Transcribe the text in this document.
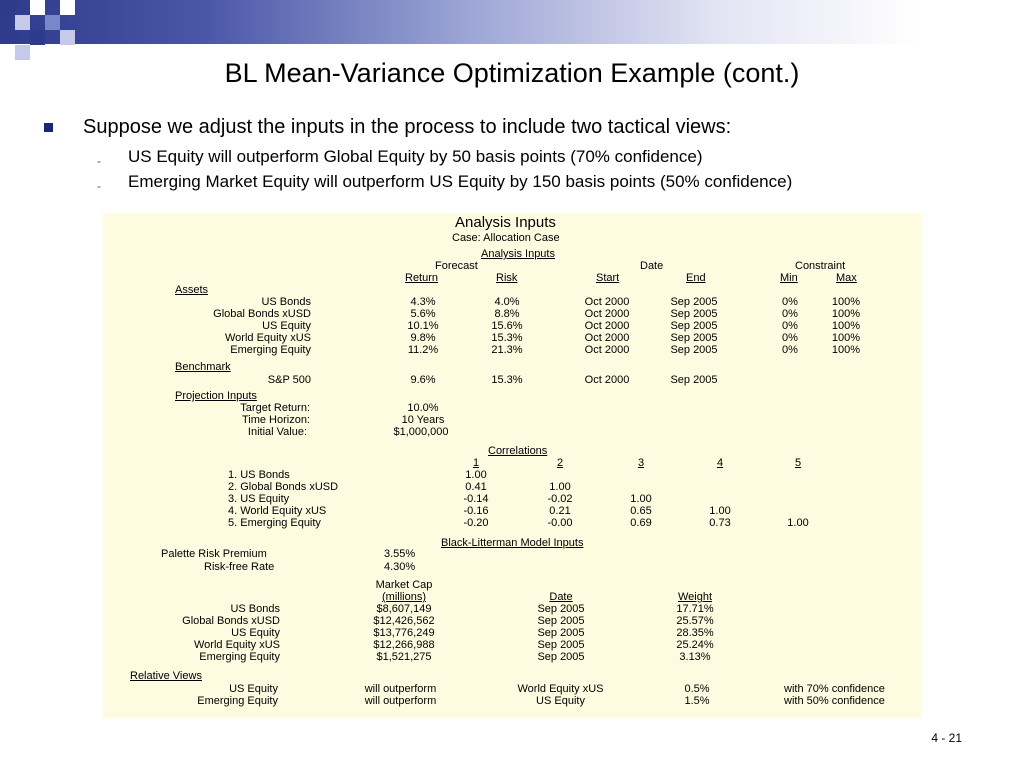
BL Mean-Variance Optimization Example (cont.)
Suppose we adjust the inputs in the process to include two tactical views:
- US Equity will outperform Global Equity by 50 basis points (70% confidence)
- Emerging Market Equity will outperform US Equity by 150 basis points (50% confidence)
Analysis Inputs
Case: Allocation Case
Analysis Inputs
Forecast	Date	Constraint
Return	Risk	Start	End	Min	Max
Assets
US Bonds	4.3%	4.0%	Oct 2000	Sep 2005	0%	100%
Global Bonds xUSD	5.6%	8.8%	Oct 2000	Sep 2005	0%	100%
US Equity	10.1%	15.6%	Oct 2000	Sep 2005	0%	100%
World Equity xUS	9.8%	15.3%	Oct 2000	Sep 2005	0%	100%
Emerging Equity	11.2%	21.3%	Oct 2000	Sep 2005	0%	100%
Benchmark
S&P 500	9.6%	15.3%	Oct 2000	Sep 2005
Projection Inputs
Target Return:	10.0%
Time Horizon:	10 Years
Initial Value:	$1,000,000
Correlations
1	2	3	4	5
1. US Bonds	1.00
2. Global Bonds xUSD	0.41	1.00
3. US Equity	-0.14	-0.02	1.00
4. World Equity xUS	-0.16	0.21	0.65	1.00
5. Emerging Equity	-0.20	-0.00	0.69	0.73	1.00
Black-Litterman Model Inputs
Palette Risk Premium	3.55%
Risk-free Rate	4.30%
Market Cap
(millions)	Date	Weight
US Bonds	$8,607,149	Sep 2005	17.71%
Global Bonds xUSD	$12,426,562	Sep 2005	25.57%
US Equity	$13,776,249	Sep 2005	28.35%
World Equity xUS	$12,266,988	Sep 2005	25.24%
Emerging Equity	$1,521,275	Sep 2005	3.13%
Relative Views
US Equity	will outperform	World Equity xUS	0.5%	with 70% confidence
Emerging Equity	will outperform	US Equity	1.5%	with 50% confidence
4 - 21
